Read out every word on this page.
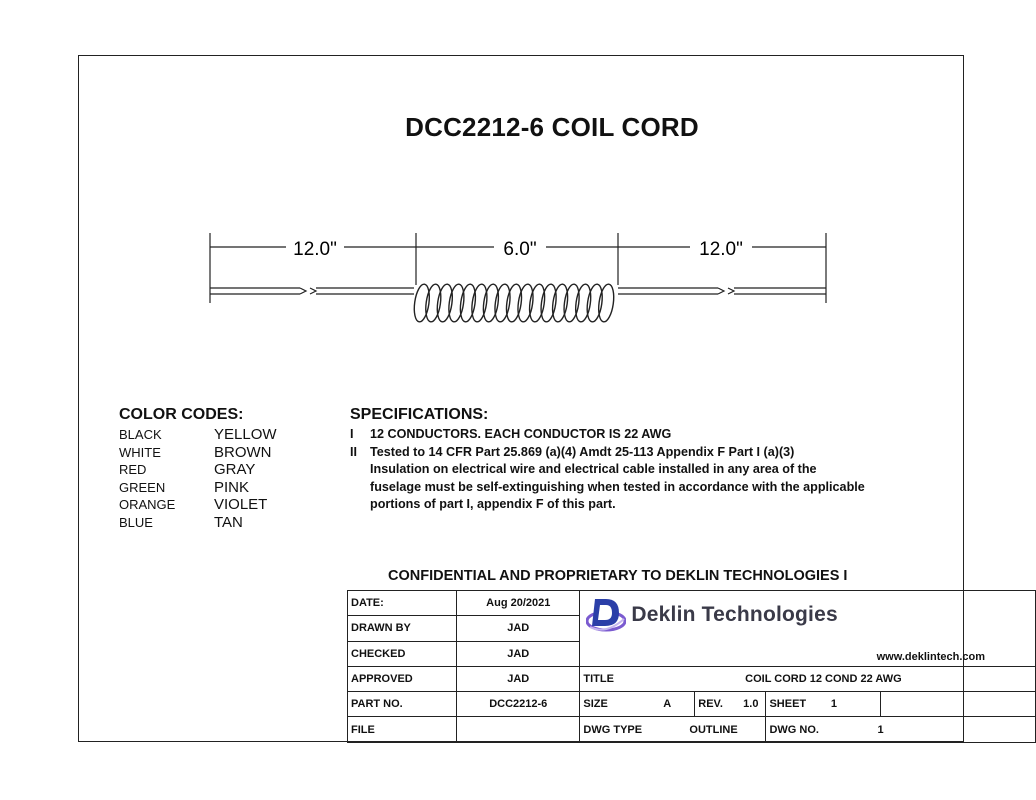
DCC2212-6 COIL CORD
12.0"	6.0"	12.0"
COLOR CODES:
BLACK	YELLOW
WHITE	BROWN
RED	GRAY
GREEN	PINK
ORANGE	VIOLET
BLUE	TAN
SPECIFICATIONS:
I	12 CONDUCTORS. EACH CONDUCTOR IS 22 AWG
II	Tested to 14 CFR Part 25.869 (a)(4) Amdt 25-113 Appendix F Part I (a)(3)
Insulation on electrical wire and electrical cable installed in any area of the
fuselage must be self-extinguishing when tested in accordance with the applicable
portions of part I, appendix F of this part.
CONFIDENTIAL AND PROPRIETARY TO DEKLIN TECHNOLOGIES I
DATE:	Aug 20/2021	Deklin Technologies
www.deklintech.com			

DRAWN BY	JAD				
CHECKED	JAD				
APPROVED	JAD	TITLE COIL CORD 12 COND 22 AWG			

PART NO.	DCC2212-6	SIZE A	REV. 1.0	SHEET 1	

FILE		DWG TYPE OUTLINE		DWG NO. 1	
